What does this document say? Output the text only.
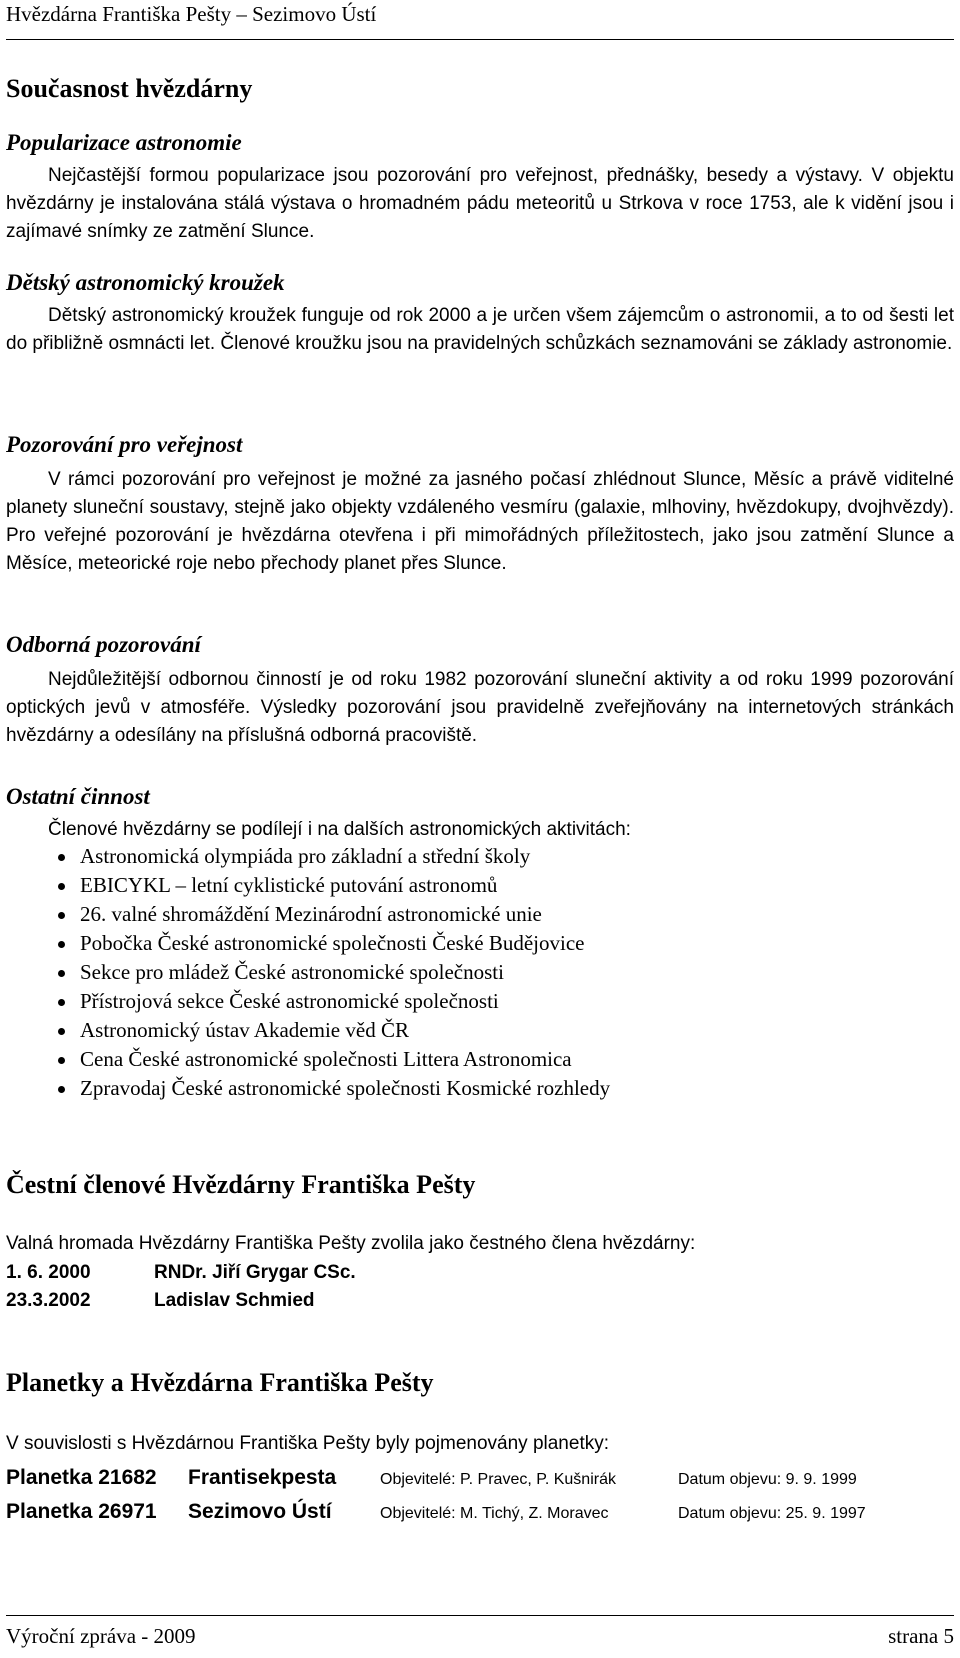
Hvězdárna Františka Pešty – Sezimovo Ústí
Současnost hvězdárny
Popularizace astronomie

Nejčastější formou popularizace jsou pozorování pro veřejnost, přednášky, besedy a výstavy. V objektu hvězdárny je instalována stálá výstava o hromadném pádu meteoritů u Strkova v roce 1753, ale k vidění jsou i zajímavé snímky ze zatmění Slunce.

Dětský astronomický kroužek

Dětský astronomický kroužek funguje od rok 2000 a je určen všem zájemcům o astronomii, a to od šesti let do přibližně osmnácti let. Členové kroužku jsou na pravidelných schůzkách seznamováni se základy astronomie.

Pozorování pro veřejnost

V rámci pozorování pro veřejnost je možné za jasného počasí zhlédnout Slunce, Měsíc a právě viditelné planety sluneční soustavy, stejně jako objekty vzdáleného vesmíru (galaxie, mlhoviny, hvězdokupy, dvojhvězdy). Pro veřejné pozorování je hvězdárna otevřena i při mimořádných příležitostech, jako jsou zatmění Slunce a Měsíce, meteorické roje nebo přechody planet přes Slunce.

Odborná pozorování

Nejdůležitější odbornou činností je od roku 1982 pozorování sluneční aktivity a od roku 1999 pozorování optických jevů v atmosféře. Výsledky pozorování jsou pravidelně zveřejňovány na internetových stránkách hvězdárny a odesílány na příslušná odborná pracoviště.

Ostatní činnost

Členové hvězdárny se podílejí i na dalších astronomických aktivitách:

Astronomická olympiáda pro základní a střední školy
EBICYKL – letní cyklistické putování astronomů
26. valné shromáždění Mezinárodní astronomické unie
Pobočka České astronomické společnosti České Budějovice
Sekce pro mládež České astronomické společnosti
Přístrojová sekce České astronomické společnosti
Astronomický ústav Akademie věd ČR
Cena České astronomické společnosti Littera Astronomica
Zpravodaj České astronomické společnosti Kosmické rozhledy
Čestní členové Hvězdárny Františka Pešty

Valná hromada Hvězdárny Františka Pešty zvolila jako čestného člena hvězdárny:

1. 6. 2000	RNDr. Jiří Grygar CSc.
23.3.2002	Ladislav Schmied
Planetky a Hvězdárna Františka Pešty

V souvislosti s Hvězdárnou Františka Pešty byly pojmenovány planetky:

Planetka 21682 Frantisekpesta	Objevitelé: P. Pravec, P. Kušnirák	Datum objevu: 9. 9. 1999
Planetka 26971 Sezimovo Ústí	Objevitelé: M. Tichý, Z. Moravec	Datum objevu: 25. 9. 1997
Výroční zpráva - 2009	strana 5
